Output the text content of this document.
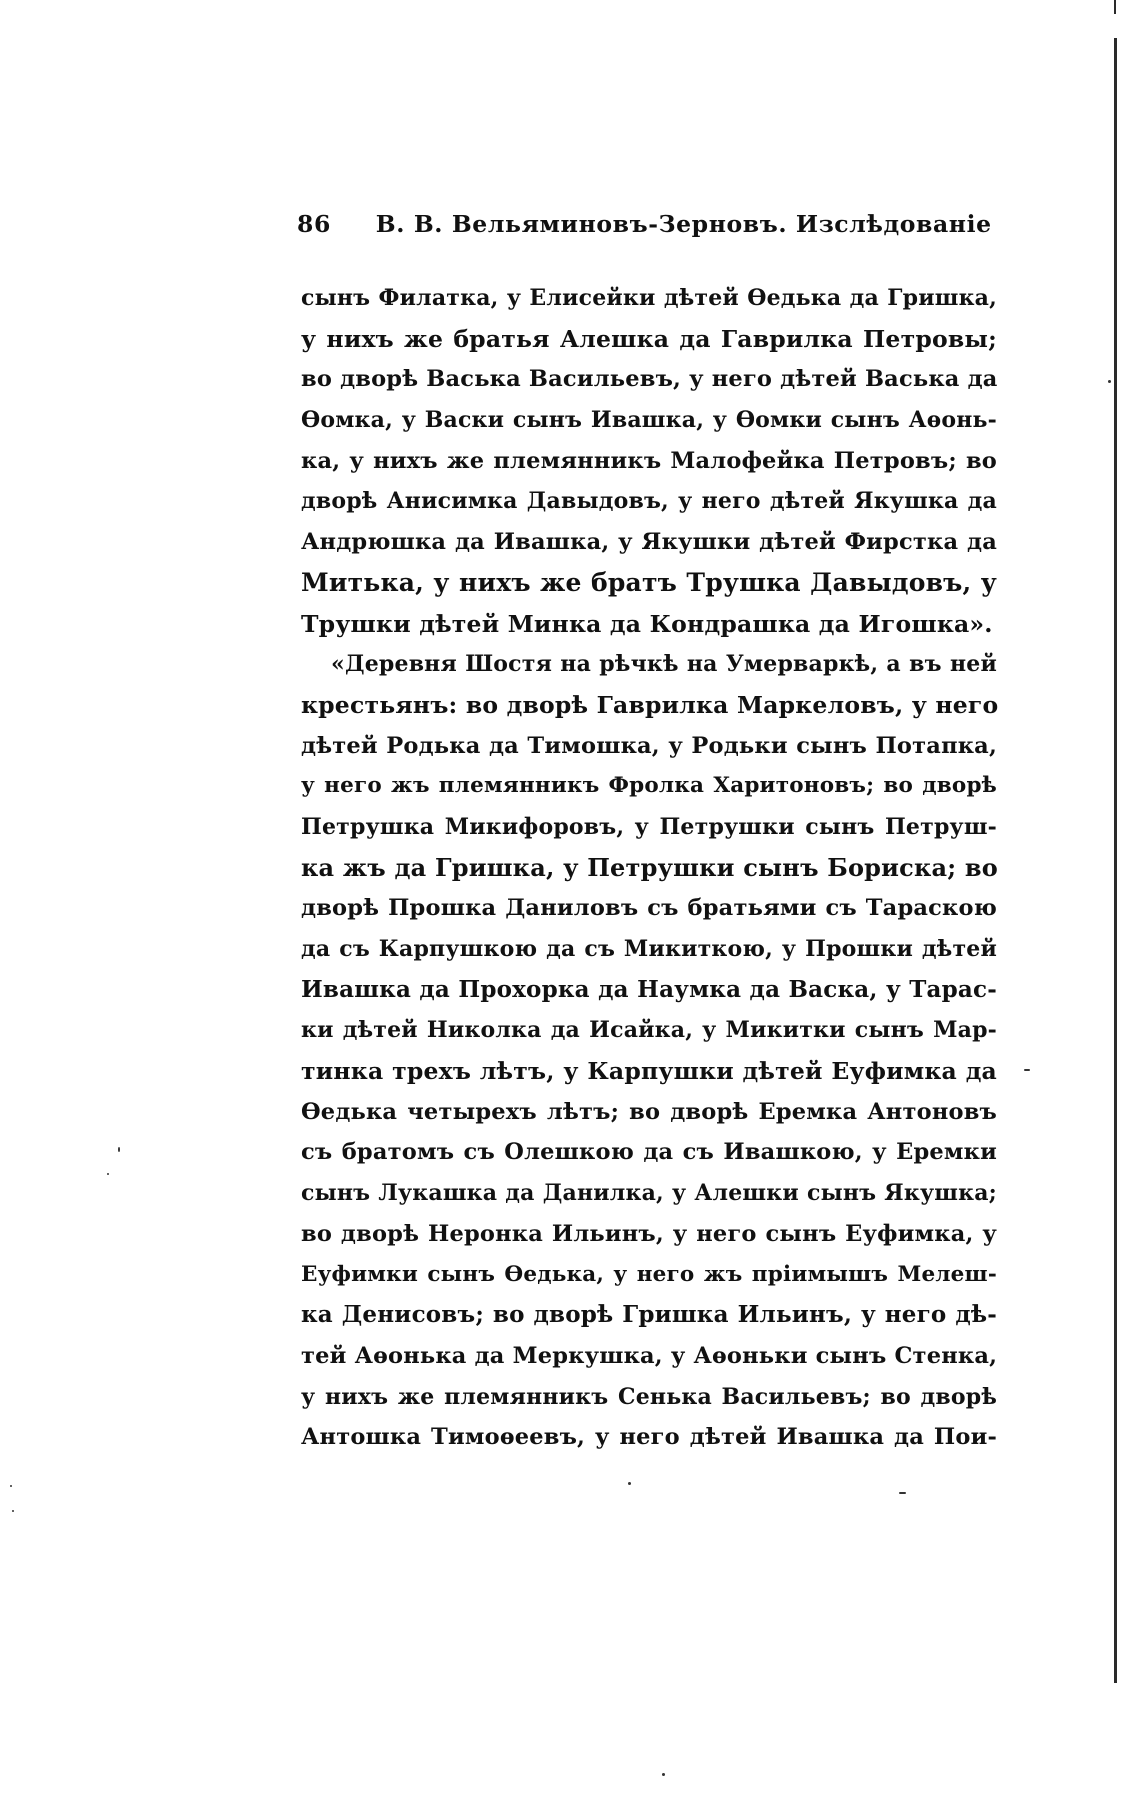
86 В. В. Вельяминовъ-Зерновъ. Изслѣдованіе
сынъ Филатка, у Елисейки дѣтей Ѳедька да Гришка,
у нихъ же братья Алешка да Гаврилка Петровы;
во дворѣ Васька Васильевъ, у него дѣтей Васька да
Ѳомка, у Васки сынъ Ивашка, у Ѳомки сынъ Аѳонь-
ка, у нихъ же племянникъ Малофейка Петровъ; во
дворѣ Анисимка Давыдовъ, у него дѣтей Якушка да
Андрюшка да Ивашка, у Якушки дѣтей Фирстка да
Митька, у нихъ же братъ Трушка Давыдовъ, у
Трушки дѣтей Минка да Кондрашка да Игошка».
«Деревня Шостя на рѣчкѣ на Умерваркѣ, а въ ней
крестьянъ: во дворѣ Гаврилка Маркеловъ, у него
дѣтей Родька да Тимошка, у Родьки сынъ Потапка,
у него жъ племянникъ Фролка Харитоновъ; во дворѣ
Петрушка Микифоровъ, у Петрушки сынъ Петруш-
ка жъ да Гришка, у Петрушки сынъ Бориска; во
дворѣ Прошка Даниловъ съ братьями съ Тараскою
да съ Карпушкою да съ Микиткою, у Прошки дѣтей
Ивашка да Прохорка да Наумка да Васка, у Тарас-
ки дѣтей Николка да Исайка, у Микитки сынъ Мар-
тинка трехъ лѣтъ, у Карпушки дѣтей Еуфимка да
Ѳедька четырехъ лѣтъ; во дворѣ Еремка Антоновъ
съ братомъ съ Олешкою да съ Ивашкою, у Еремки
сынъ Лукашка да Данилка, у Алешки сынъ Якушка;
во дворѣ Неронка Ильинъ, у него сынъ Еуфимка, у
Еуфимки сынъ Ѳедька, у него жъ пріимышъ Мелеш-
ка Денисовъ; во дворѣ Гришка Ильинъ, у него дѣ-
тей Аѳонька да Меркушка, у Аѳоньки сынъ Стенка,
у нихъ же племянникъ Сенька Васильевъ; во дворѣ
Антошка Тимоѳеевъ, у него дѣтей Ивашка да Пои-
